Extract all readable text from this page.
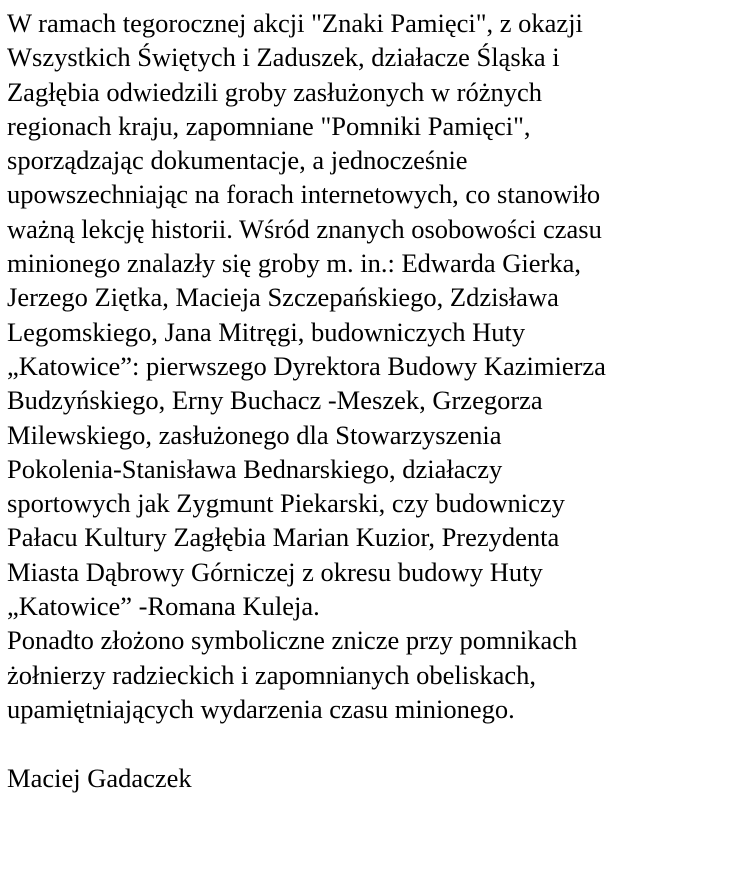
W ramach tegorocznej akcji "Znaki Pamięci", z okazji
Wszystkich Świętych i Zaduszek, działacze Śląska i
Zagłębia odwiedzili groby zasłużonych w różnych
regionach kraju, zapomniane "Pomniki Pamięci",
sporządzając dokumentacje, a jednocześnie
upowszechniając na forach internetowych, co stanowiło
ważną lekcję historii. Wśród znanych osobowości czasu
minionego znalazły się groby m. in.: Edwarda Gierka,
Jerzego Ziętka, Macieja Szczepańskiego, Zdzisława
Legomskiego, Jana Mitręgi, budowniczych Huty
„Katowice”: pierwszego Dyrektora Budowy Kazimierza
Budzyńskiego, Erny Buchacz -Meszek, Grzegorza
Milewskiego, zasłużonego dla Stowarzyszenia
Pokolenia-Stanisława Bednarskiego, działaczy
sportowych jak Zygmunt Piekarski, czy budowniczy
Pałacu Kultury Zagłębia Marian Kuzior, Prezydenta
Miasta Dąbrowy Górniczej z okresu budowy Huty
„Katowice” -Romana Kuleja.
Ponadto złożono symboliczne znicze przy pomnikach
żołnierzy radzieckich i zapomnianych obeliskach,
upamiętniających wydarzenia czasu minionego.
Maciej Gadaczek
